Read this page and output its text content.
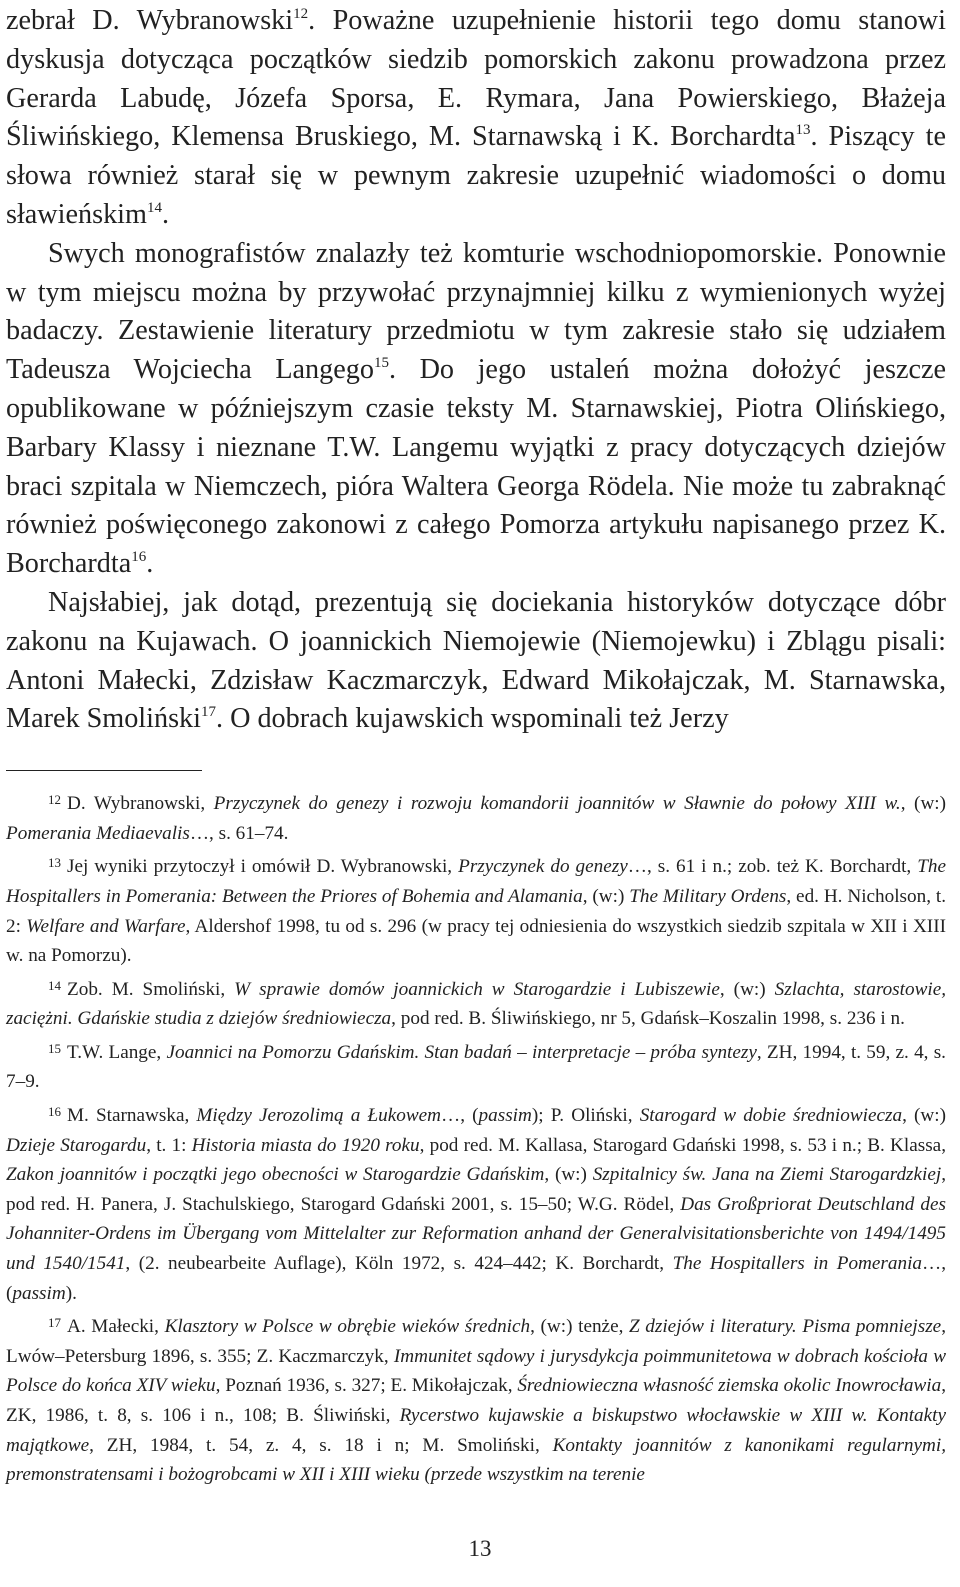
zebrał D. Wybranowski$^{12}$. Poważne uzupełnienie historii tego domu stanowi dyskusja dotycząca początków siedzib pomorskich zakonu prowadzona przez Gerarda Labudę, Józefa Sporsa, E. Rymara, Jana Powierskiego, Błażeja Śliwińskiego, Klemensa Bruskiego, M. Starnawską i K. Borchardta$^{13}$. Piszący te słowa również starał się w pewnym zakresie uzupełnić wiadomości o domu sławieńskim$^{14}$.

Swych monografistów znalazły też komturie wschodniopomorskie. Ponownie w tym miejscu można by przywołać przynajmniej kilku z wymienionych wyżej badaczy. Zestawienie literatury przedmiotu w tym zakresie stało się udziałem Tadeusza Wojciecha Langego$^{15}$. Do jego ustaleń można dołożyć jeszcze opublikowane w późniejszym czasie teksty M. Starnawskiej, Piotra Olińskiego, Barbary Klassy i nieznane T.W. Langemu wyjątki z pracy dotyczących dziejów braci szpitala w Niemczech, pióra Waltera Georga Rödela. Nie może tu zabraknąć również poświęconego zakonowi z całego Pomorza artykułu napisanego przez K. Borchardta$^{16}$.

Najsłabiej, jak dotąd, prezentują się dociekania historyków dotyczące dóbr zakonu na Kujawach. O joannickich Niemojewie (Niemojewku) i Zblągu pisali: Antoni Małecki, Zdzisław Kaczmarczyk, Edward Mikołajczak, M. Starnawska, Marek Smoliński$^{17}$. O dobrach kujawskich wspominali też Jerzy

$^{12}$ D. Wybranowski, Przyczynek do genezy i rozwoju komandorii joannitów w Sławnie do połowy XIII w., (w:) Pomerania Mediaevalis…, s. 61–74.

$^{13}$ Jej wyniki przytoczył i omówił D. Wybranowski, Przyczynek do genezy…, s. 61 i n.; zob. też K. Borchardt, The Hospitallers in Pomerania: Between the Priores of Bohemia and Alamania, (w:) The Military Ordens, ed. H. Nicholson, t. 2: Welfare and Warfare, Aldershof 1998, tu od s. 296 (w pracy tej odniesienia do wszystkich siedzib szpitala w XII i XIII w. na Pomorzu).

$^{14}$ Zob. M. Smoliński, W sprawie domów joannickich w Starogardzie i Lubiszewie, (w:) Szlachta, starostowie, zaciężni. Gdańskie studia z dziejów średniowiecza, pod red. B. Śliwińskiego, nr 5, Gdańsk–Koszalin 1998, s. 236 i n.

$^{15}$ T.W. Lange, Joannici na Pomorzu Gdańskim. Stan badań – interpretacje – próba syntezy, ZH, 1994, t. 59, z. 4, s. 7–9.

$^{16}$ M. Starnawska, Między Jerozolimą a Łukowem…, (passim); P. Oliński, Starogard w dobie średniowiecza, (w:) Dzieje Starogardu, t. 1: Historia miasta do 1920 roku, pod red. M. Kallasa, Starogard Gdański 1998, s. 53 i n.; B. Klassa, Zakon joannitów i początki jego obecności w Starogardzie Gdańskim, (w:) Szpitalnicy św. Jana na Ziemi Starogardzkiej, pod red. H. Panera, J. Stachulskiego, Starogard Gdański 2001, s. 15–50; W.G. Rödel, Das Großpriorat Deutschland des Johanniter-Ordens im Übergang vom Mittelalter zur Reformation anhand der Generalvisitationsberichte von 1494/1495 und 1540/1541, (2. neubearbeite Auflage), Köln 1972, s. 424–442; K. Borchardt, The Hospitallers in Pomerania…, (passim).

$^{17}$ A. Małecki, Klasztory w Polsce w obrębie wieków średnich, (w:) tenże, Z dziejów i literatury. Pisma pomniejsze, Lwów–Petersburg 1896, s. 355; Z. Kaczmarczyk, Immunitet sądowy i jurysdykcja poimmunitetowa w dobrach kościoła w Polsce do końca XIV wieku, Poznań 1936, s. 327; E. Mikołajczak, Średniowieczna własność ziemska okolic Inowrocławia, ZK, 1986, t. 8, s. 106 i n., 108; B. Śliwiński, Rycerstwo kujawskie a biskupstwo włocławskie w XIII w. Kontakty majątkowe, ZH, 1984, t. 54, z. 4, s. 18 i n; M. Smoliński, Kontakty joannitów z kanonikami regularnymi, premonstratensami i bożogrobcami w XII i XIII wieku (przede wszystkim na terenie

13
